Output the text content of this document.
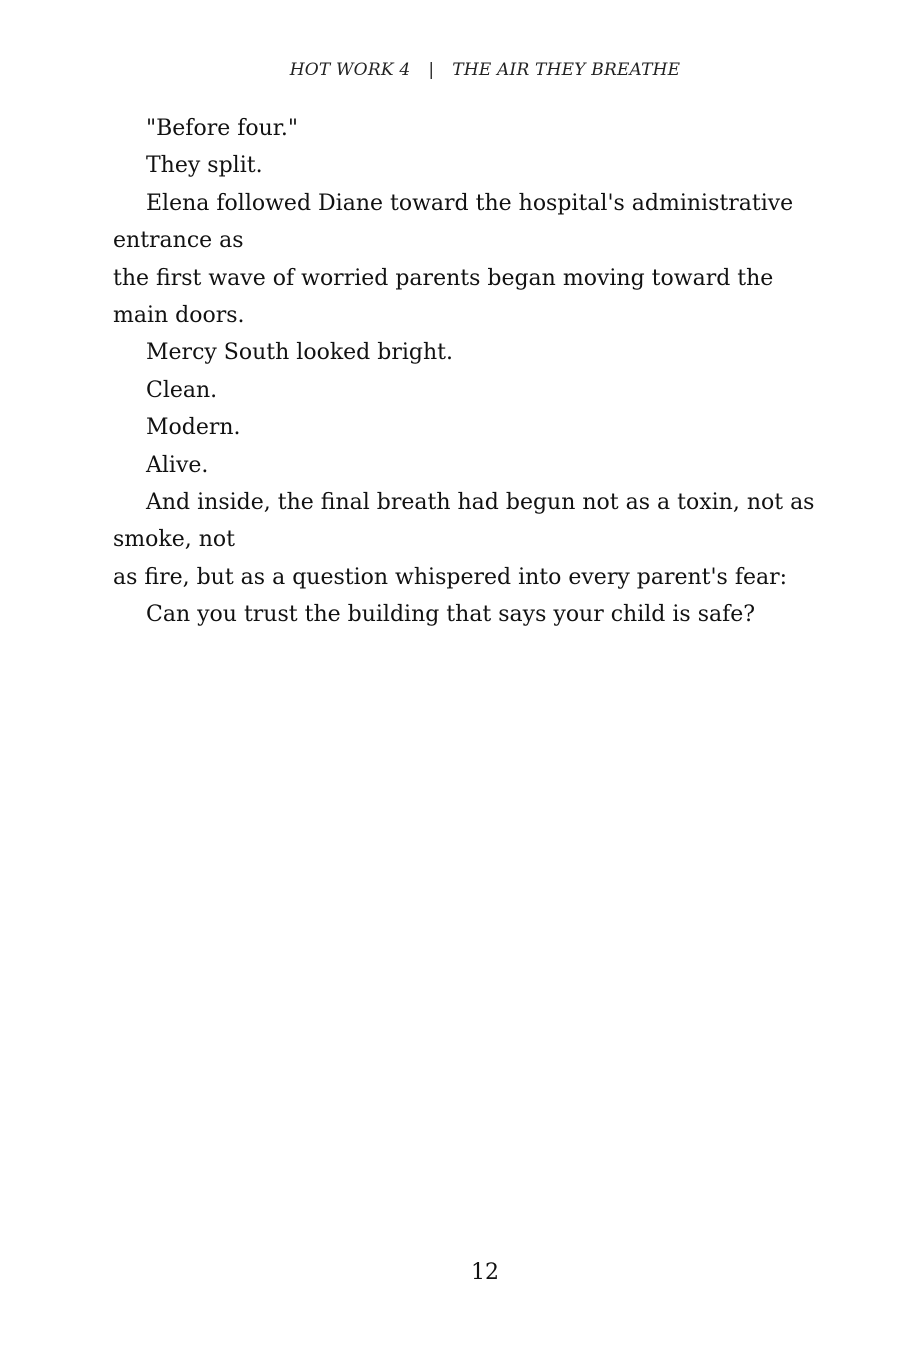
HOT WORK 4 | THE AIR THEY BREATHE

"Before four."

They split.

Elena followed Diane toward the hospital's administrative

entrance as

the first wave of worried parents began moving toward the

main doors.

Mercy South looked bright.

Clean.

Modern.

Alive.

And inside, the final breath had begun not as a toxin, not as

smoke, not

as fire, but as a question whispered into every parent's fear:

Can you trust the building that says your child is safe?

12
